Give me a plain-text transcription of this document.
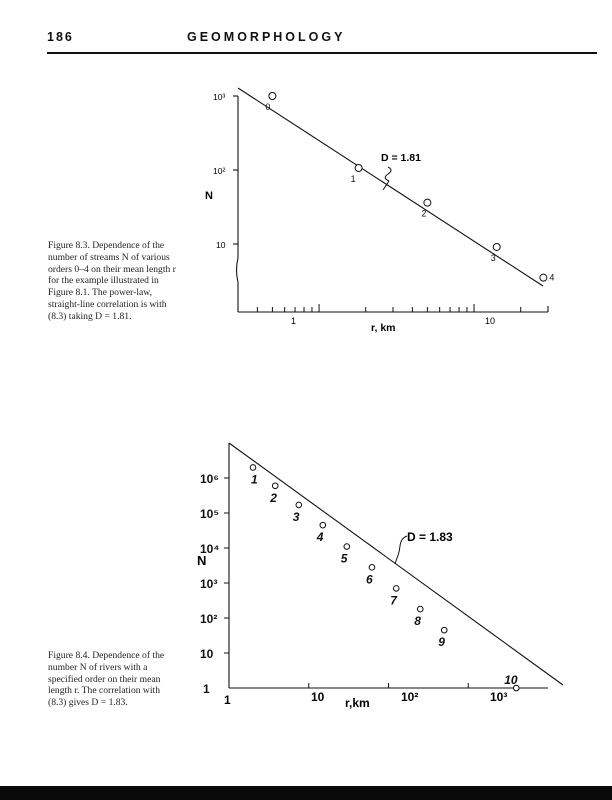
186	GEOMORPHOLOGY
0
1
2
3
4
10³
10²
10
N
1	10
r, km
D = 1.81
Figure 8.3. Dependence of the number of streams N of various orders 0–4 on their mean length r for the example illustrated in Figure 8.1. The power-law, straight-line correlation is with (8.3) taking D = 1.81.
1
2
3
4
5
6
7
8
9
10
1
10
10²
10³
10⁴
10⁵
10⁶
N
1	10	10²	10³
r,km
D = 1.83
Figure 8.4. Dependence of the number N of rivers with a specified order on their mean length r. The correlation with (8.3) gives D = 1.83.
